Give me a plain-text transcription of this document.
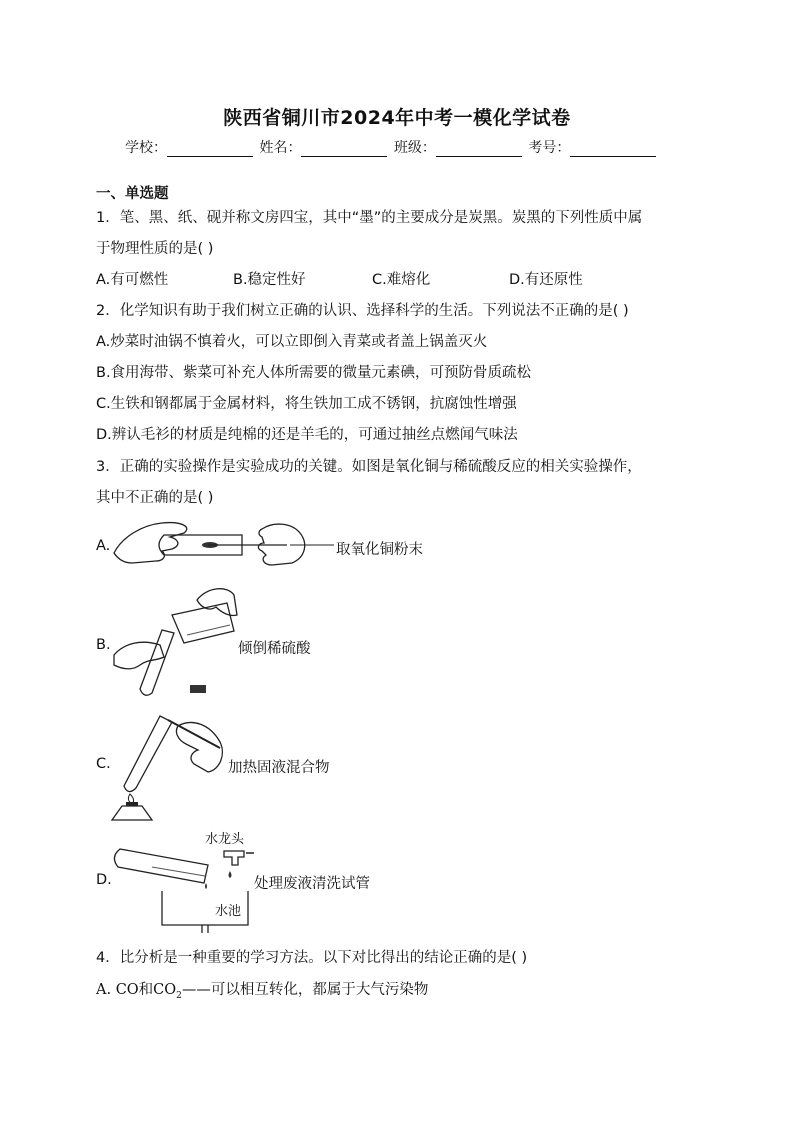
陕西省铜川市2024年中考一模化学试卷
学校：	姓名：	班级：	考号：
一、单选题
1．笔、黑、纸、砚并称文房四宝，其中“墨”的主要成分是炭黑。炭黑的下列性质中属
于物理性质的是( )
A.有可燃性	B.稳定性好	C.难熔化	D.有还原性
2．化学知识有助于我们树立正确的认识、选择科学的生活。下列说法不正确的是( )
A.炒菜时油锅不慎着火，可以立即倒入青菜或者盖上锅盖灭火
B.食用海带、紫菜可补充人体所需要的微量元素碘，可预防骨质疏松
C.生铁和钢都属于金属材料，将生铁加工成不锈钢，抗腐蚀性增强
D.辨认毛衫的材质是纯棉的还是羊毛的，可通过抽丝点燃闻气味法
3．正确的实验操作是实验成功的关键。如图是氧化铜与稀硫酸反应的相关实验操作，
其中不正确的是( )
A.	取氧化铜粉末
B.	倾倒稀硫酸
C.	加热固液混合物
D.
水龙头
水池
处理废液清洗试管
4．比分析是一种重要的学习方法。以下对比得出的结论正确的是( )
A. CO和$CO_2——$可以相互转化，都属于大气污染物
